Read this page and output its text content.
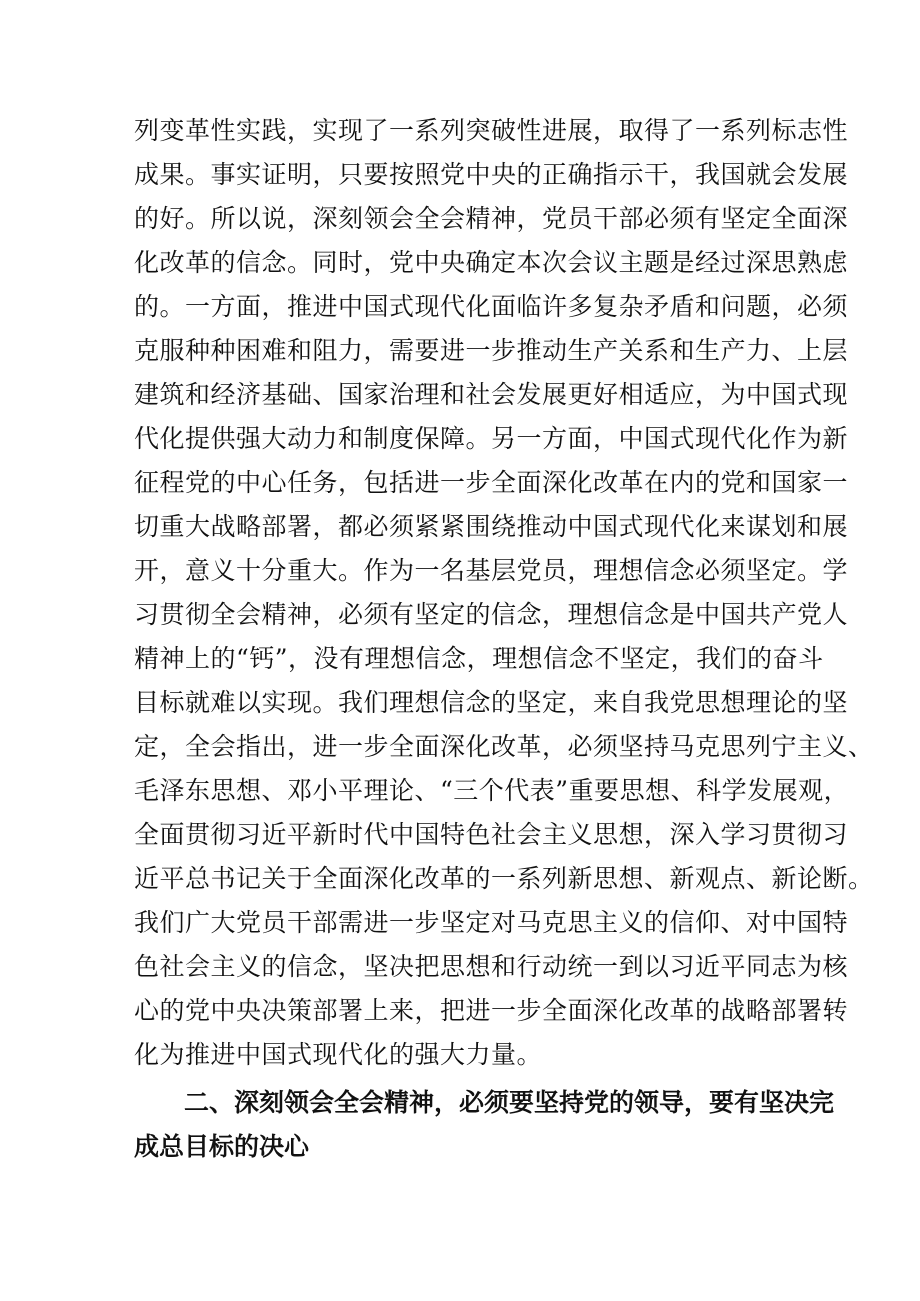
列变革性实践，实现了一系列突破性进展，取得了一系列标志性
成果。事实证明，只要按照党中央的正确指示干，我国就会发展
的好。所以说，深刻领会全会精神，党员干部必须有坚定全面深
化改革的信念。同时，党中央确定本次会议主题是经过深思熟虑
的。一方面，推进中国式现代化面临许多复杂矛盾和问题，必须
克服种种困难和阻力，需要进一步推动生产关系和生产力、上层
建筑和经济基础、国家治理和社会发展更好相适应，为中国式现
代化提供强大动力和制度保障。另一方面，中国式现代化作为新
征程党的中心任务，包括进一步全面深化改革在内的党和国家一
切重大战略部署，都必须紧紧围绕推动中国式现代化来谋划和展
开，意义十分重大。作为一名基层党员，理想信念必须坚定。学
习贯彻全会精神，必须有坚定的信念，理想信念是中国共产党人
精神上的“钙”，没有理想信念，理想信念不坚定，我们的奋斗
目标就难以实现。我们理想信念的坚定，来自我党思想理论的坚
定，全会指出，进一步全面深化改革，必须坚持马克思列宁主义、
毛泽东思想、邓小平理论、“三个代表”重要思想、科学发展观，
全面贯彻习近平新时代中国特色社会主义思想，深入学习贯彻习
近平总书记关于全面深化改革的一系列新思想、新观点、新论断。
我们广大党员干部需进一步坚定对马克思主义的信仰、对中国特
色社会主义的信念，坚决把思想和行动统一到以习近平同志为核
心的党中央决策部署上来，把进一步全面深化改革的战略部署转
化为推进中国式现代化的强大力量。
二、深刻领会全会精神，必须要坚持党的领导，要有坚决完
成总目标的决心
